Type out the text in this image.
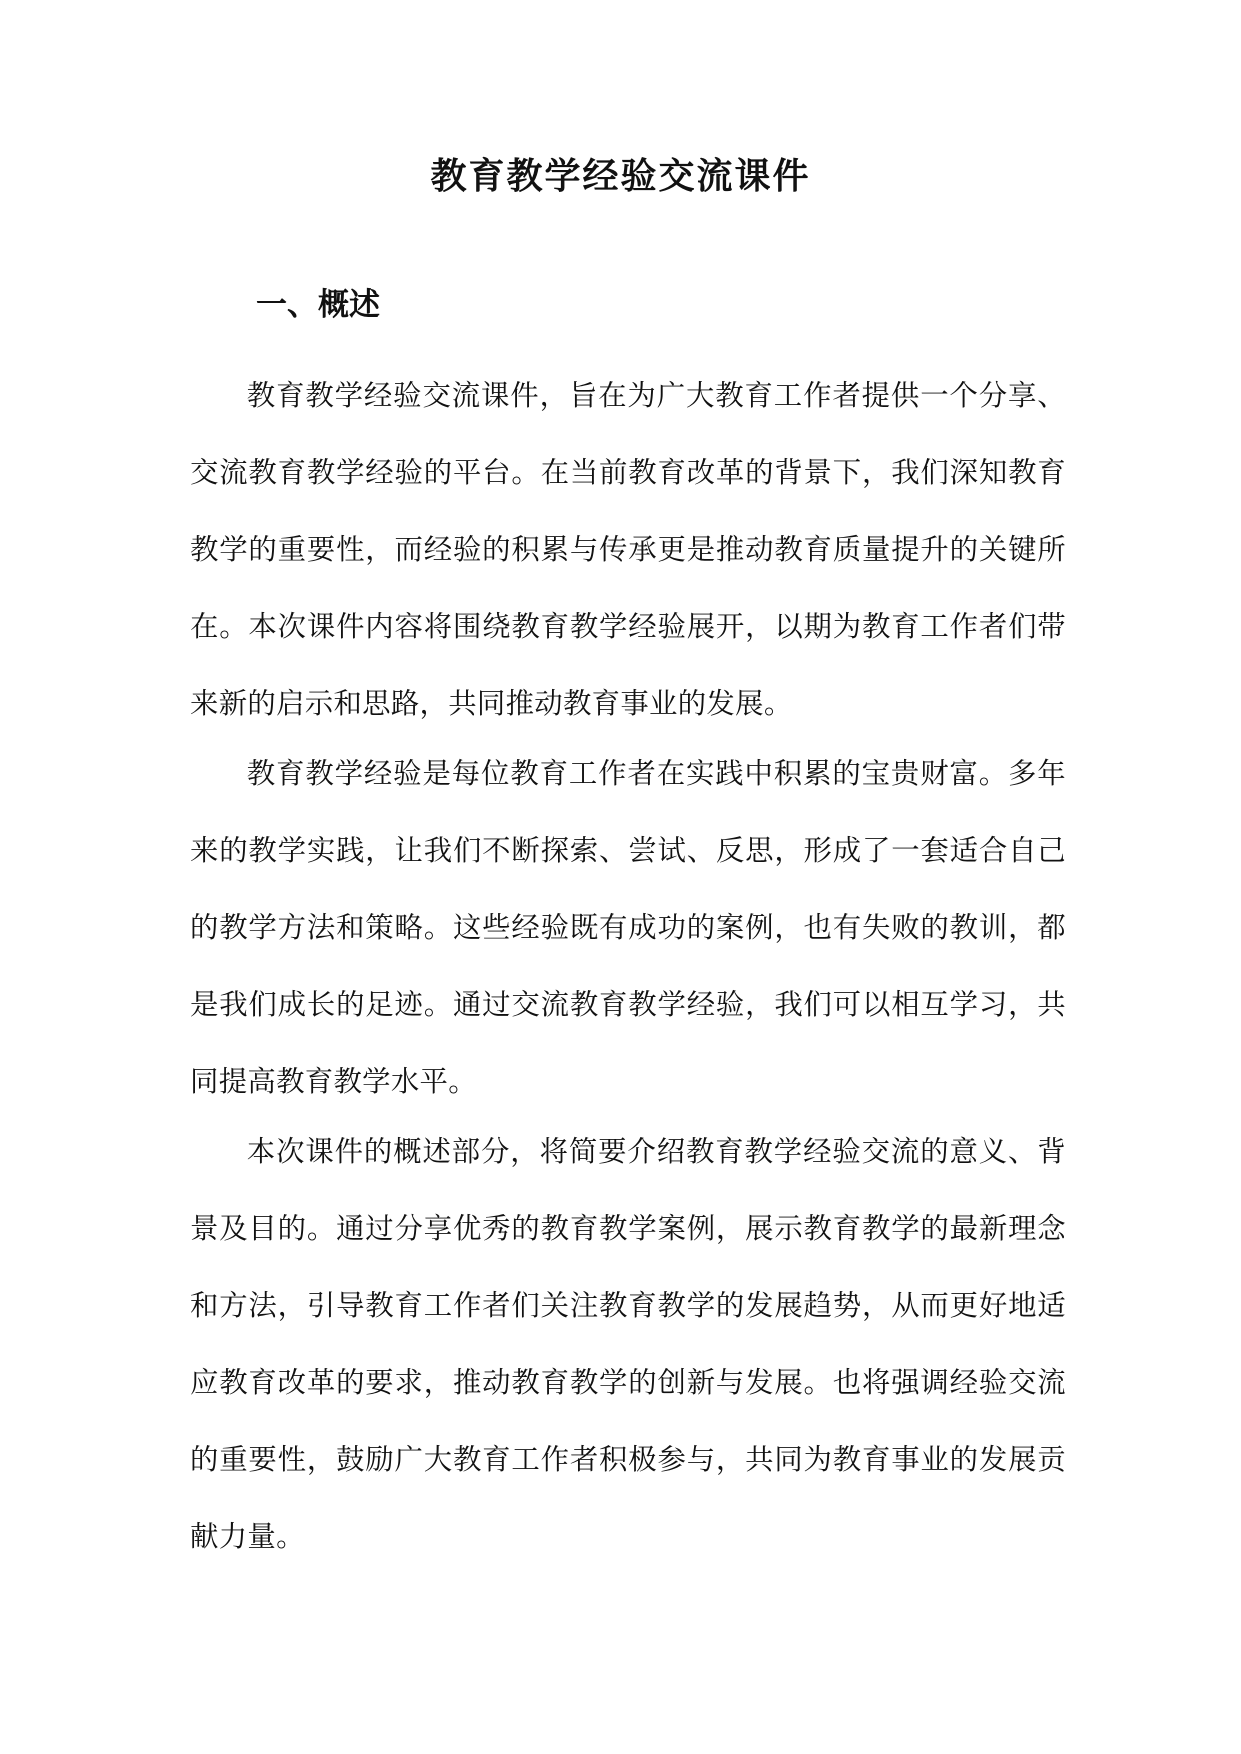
教育教学经验交流课件
一、概述

教育教学经验交流课件，旨在为广大教育工作者提供一个分享、交流教育教学经验的平台。在当前教育改革的背景下，我们深知教育教学的重要性，而经验的积累与传承更是推动教育质量提升的关键所在。本次课件内容将围绕教育教学经验展开，以期为教育工作者们带来新的启示和思路，共同推动教育事业的发展。

教育教学经验是每位教育工作者在实践中积累的宝贵财富。多年来的教学实践，让我们不断探索、尝试、反思，形成了一套适合自己的教学方法和策略。这些经验既有成功的案例，也有失败的教训，都是我们成长的足迹。通过交流教育教学经验，我们可以相互学习，共同提高教育教学水平。

本次课件的概述部分，将简要介绍教育教学经验交流的意义、背景及目的。通过分享优秀的教育教学案例，展示教育教学的最新理念和方法，引导教育工作者们关注教育教学的发展趋势，从而更好地适应教育改革的要求，推动教育教学的创新与发展。也将强调经验交流的重要性，鼓励广大教育工作者积极参与，共同为教育事业的发展贡献力量。
